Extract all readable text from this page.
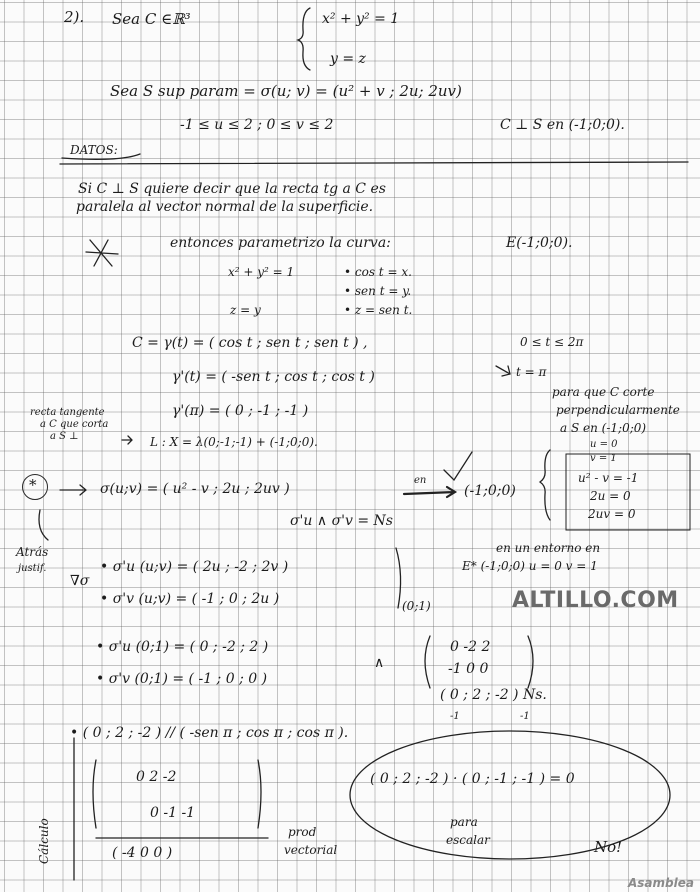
2). Sea C ∈ℝ³	x² + y² = 1
y = z
Sea S sup param = σ(u; v) = (u² + v ; 2u; 2uv)
-1 ≤ u ≤ 2 ; 0 ≤ v ≤ 2	C ⊥ S en (-1;0;0).
DATOS:
Si C ⊥ S quiere decir que la recta tg a C es
paralela al vector normal de la superficie.
entonces parametrizo la curva:	E(-1;0;0).
x² + y² = 1
z = y
• cos t = x.
• sen t = y.
• z = sen t.
C = γ(t) = ( cos t ; sen t ; sen t ) ,	0 ≤ t ≤ 2π
γ'(t) = ( -sen t ; cos t ; cos t )	t = π
γ'(π) = ( 0 ; -1 ; -1 )
para que C corte
perpendicularmente
a S en (-1;0;0)
recta tangente
a C que corta
a S ⊥	L : X = λ(0;-1;-1) + (-1;0;0).
*
Atrás
justif.
∇σ
σ(u;v) = ( u² - v ; 2u ; 2uv )
en
(-1;0;0)
σ'u ∧ σ'v = Ns
u = 0
v = 1
u² - v = -1
2u = 0
2uv = 0
en un entorno en
E* (-1;0;0) u = 0 v = 1
• σ'u (u;v) = ( 2u ; -2 ; 2v )
• σ'v (u;v) = ( -1 ; 0 ; 2u )	(0;1)
• σ'u (0;1) = ( 0 ; -2 ; 2 )
• σ'v (0;1) = ( -1 ; 0 ; 0 )
∧
0 -2 2
-1 0 0
( 0 ; 2 ; -2 ) Ns.
• ( 0 ; 2 ; -2 ) // ( -sen π ; cos π ; cos π ).
-1	-1
0 2 -2
0 -1 -1
( -4 0 0 )
prod
vectorial
( 0 ; 2 ; -2 ) · ( 0 ; -1 ; -1 ) = 0
para
escalar	No!
Cálculo
ALTILLO.COM
Asamblea
